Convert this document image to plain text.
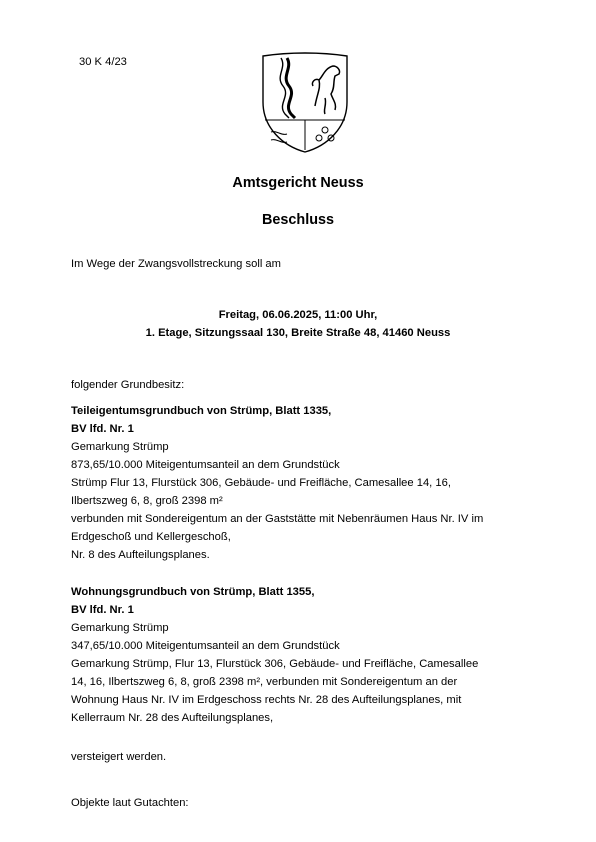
30 K 4/23
Amtsgericht Neuss
Beschluss
Im Wege der Zwangsvollstreckung soll am
Freitag, 06.06.2025, 11:00 Uhr,
1. Etage, Sitzungssaal 130, Breite Straße 48, 41460 Neuss
folgender Grundbesitz:
Teileigentumsgrundbuch von Strümp, Blatt 1335,
BV lfd. Nr. 1
Gemarkung Strümp
873,65/10.000 Miteigentumsanteil an dem Grundstück
Strümp Flur 13, Flurstück 306, Gebäude- und Freifläche, Camesallee 14, 16,
Ilbertszweg 6, 8, groß 2398 m²
verbunden mit Sondereigentum an der Gaststätte mit Nebenräumen Haus Nr. IV im
Erdgeschoß und Kellergeschoß,
Nr. 8 des Aufteilungsplanes.
Wohnungsgrundbuch von Strümp, Blatt 1355,
BV lfd. Nr. 1
Gemarkung Strümp
347,65/10.000 Miteigentumsanteil an dem Grundstück
Gemarkung Strümp, Flur 13, Flurstück 306, Gebäude- und Freifläche, Camesallee
14, 16, Ilbertszweg 6, 8, groß 2398 m², verbunden mit Sondereigentum an der
Wohnung Haus Nr. IV im Erdgeschoss rechts Nr. 28 des Aufteilungsplanes, mit
Kellerraum Nr. 28 des Aufteilungsplanes,
versteigert werden.
Objekte laut Gutachten:
